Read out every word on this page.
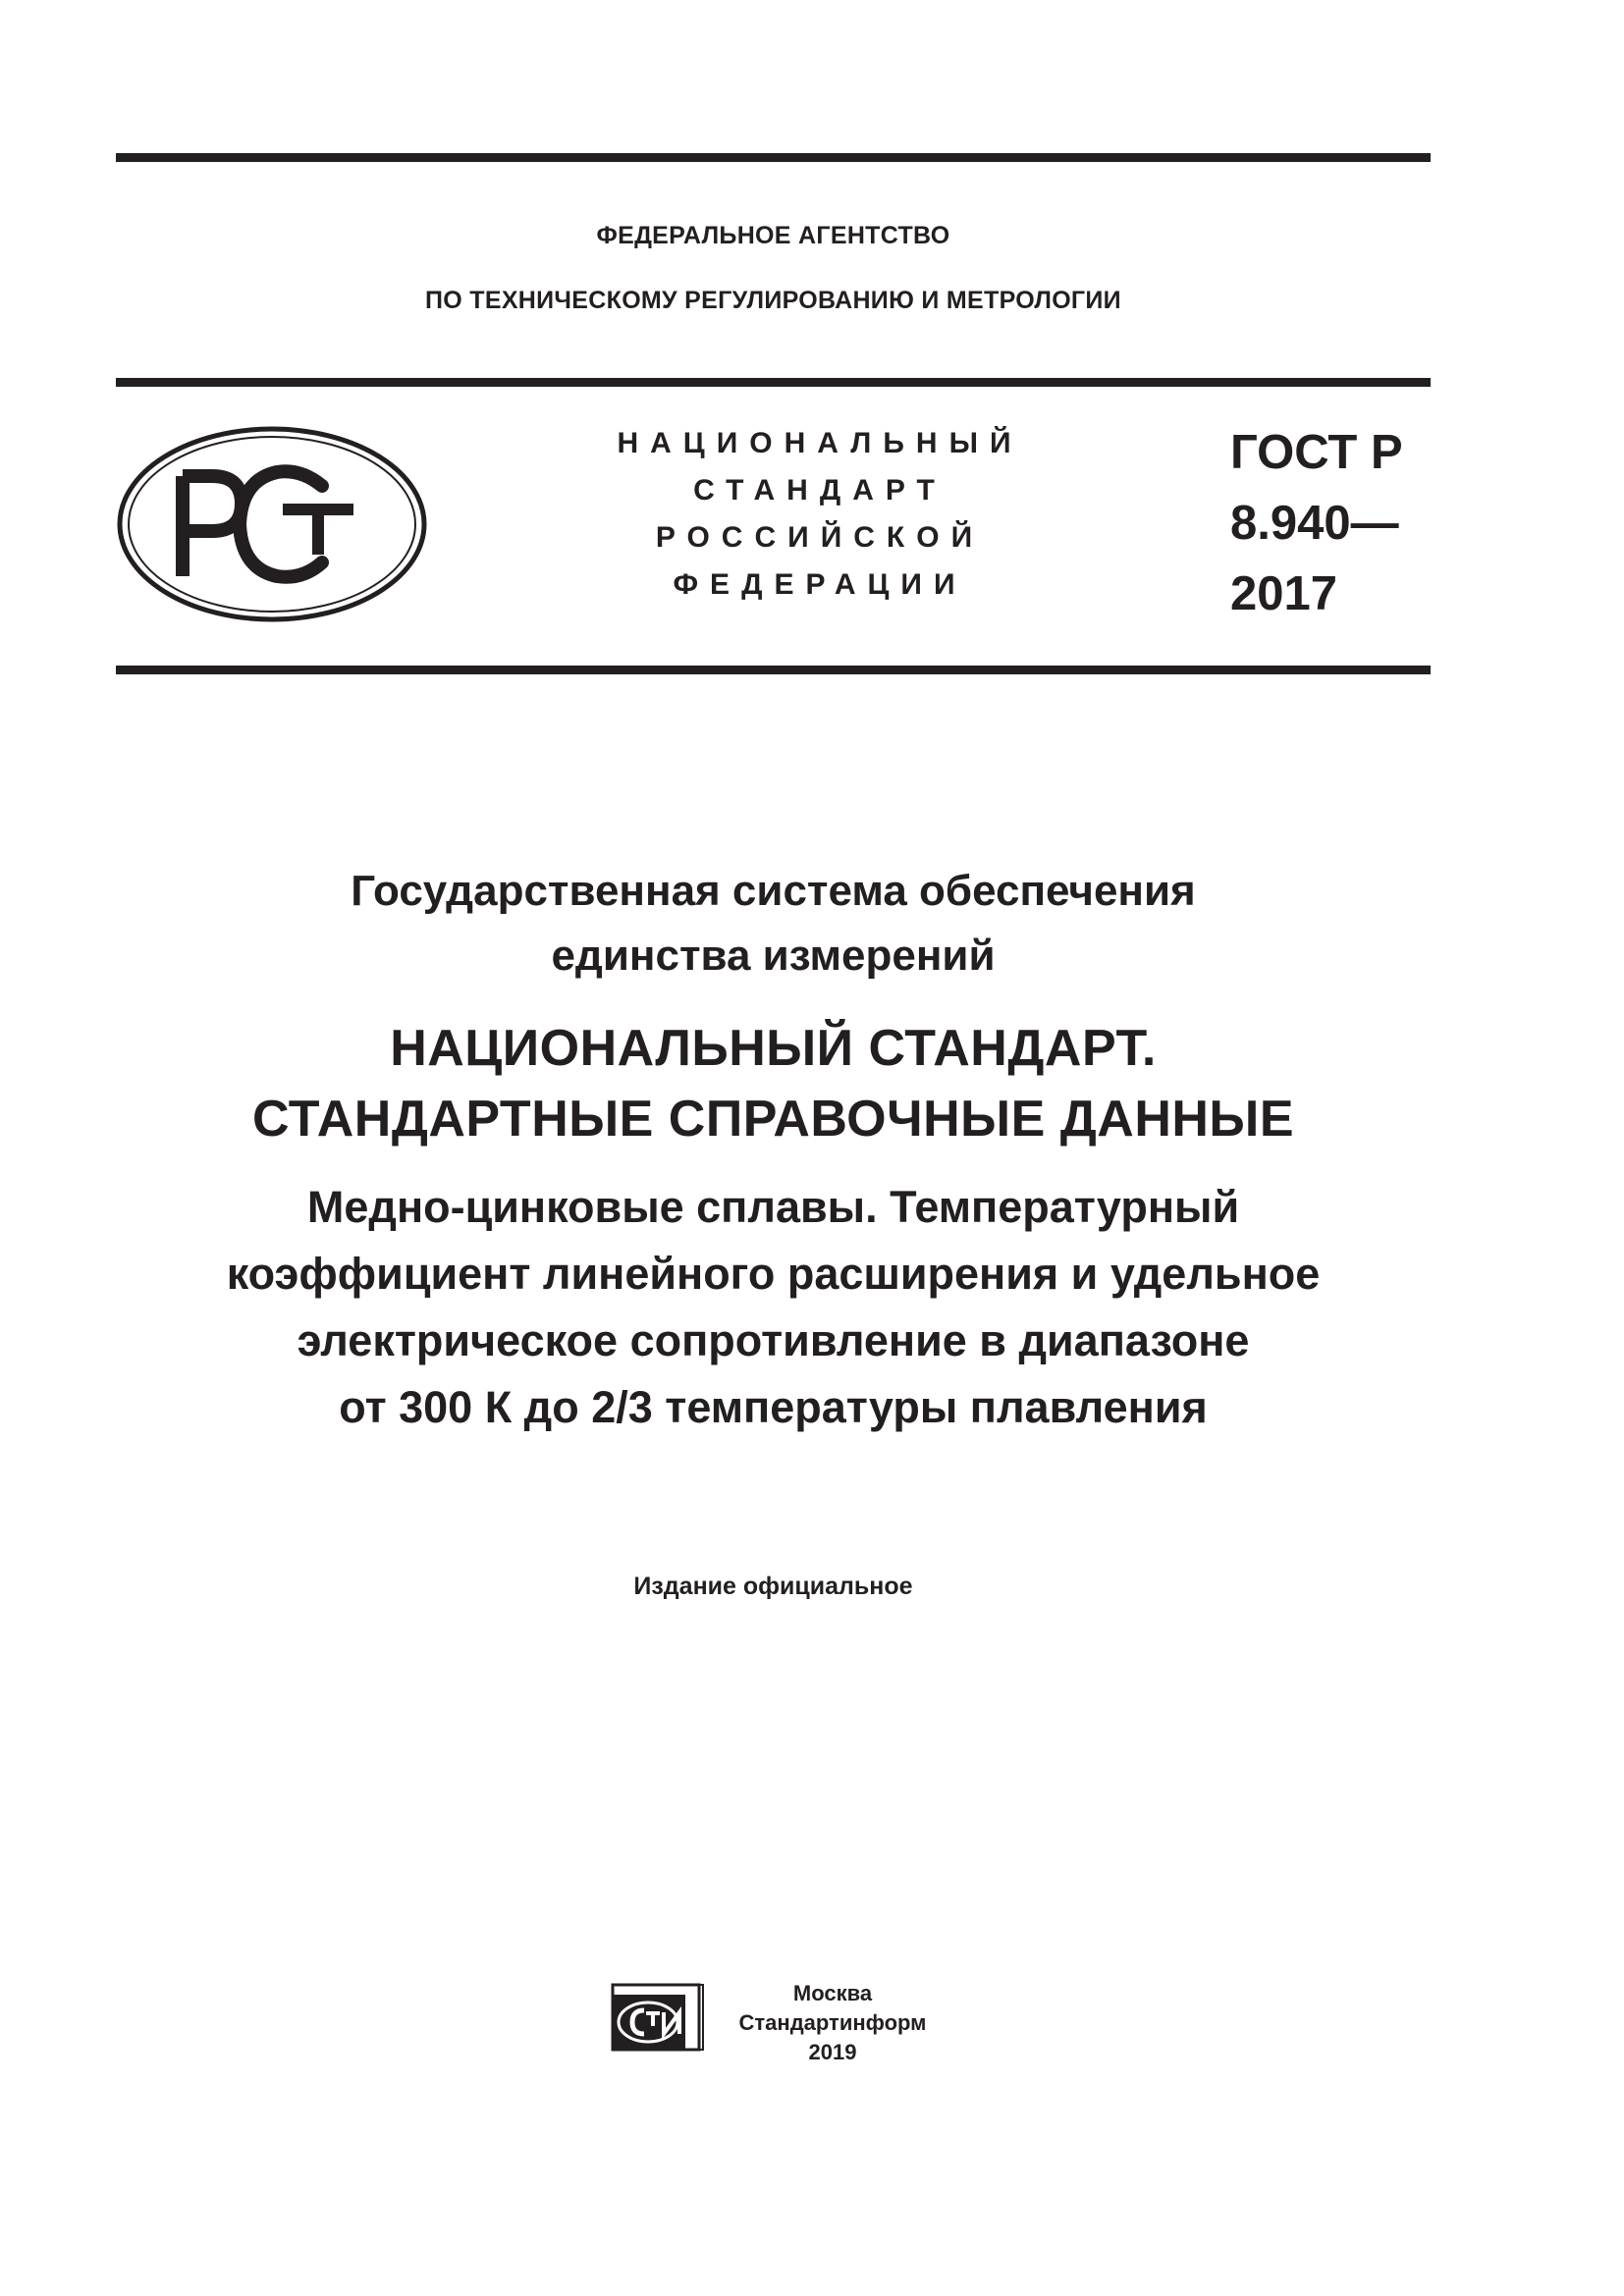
ФЕДЕРАЛЬНОЕ АГЕНТСТВО
ПО ТЕХНИЧЕСКОМУ РЕГУЛИРОВАНИЮ И МЕТРОЛОГИИ
НАЦИОНАЛЬНЫЙ
СТАНДАРТ
РОССИЙСКОЙ
ФЕДЕРАЦИИ
ГОСТ Р
8.940—
2017
Государственная система обеспечения
единства измерений
НАЦИОНАЛЬНЫЙ СТАНДАРТ.
СТАНДАРТНЫЕ СПРАВОЧНЫЕ ДАННЫЕ
Медно-цинковые сплавы. Температурный
коэффициент линейного расширения и удельное
электрическое сопротивление в диапазоне
от 300 К до 2/3 температуры плавления
Издание официальное
Москва
Стандартинформ
2019
